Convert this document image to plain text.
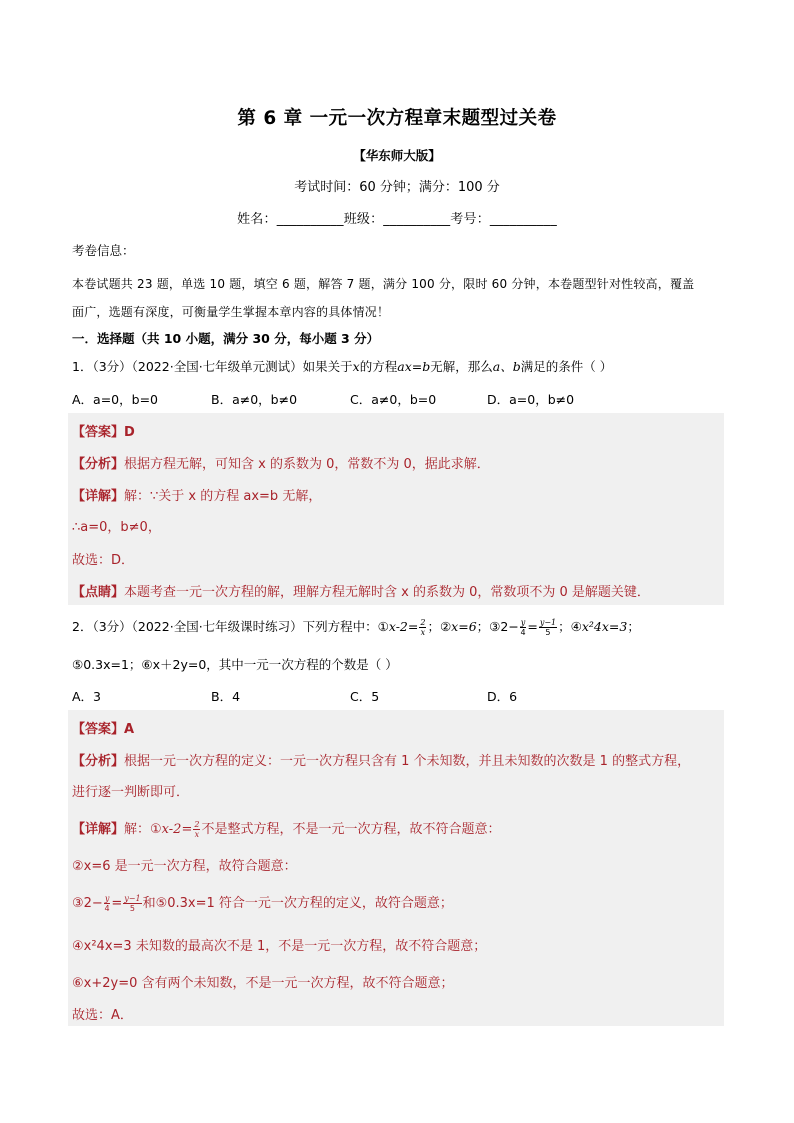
第 6 章 一元一次方程章末题型过关卷
【华东师大版】
考试时间：60 分钟；满分：100 分
姓名：__________班级：__________考号：__________
考卷信息：
本卷试题共 23 题，单选 10 题，填空 6 题，解答 7 题，满分 100 分，限时 60 分钟，本卷题型针对性较高，覆盖
面广，选题有深度，可衡量学生掌握本章内容的具体情况！
一．选择题（共 10 小题，满分 30 分，每小题 3 分）
1．（3分）（2022·全国·七年级单元测试）如果关于x的方程ax=b无解，那么a、b满足的条件（ ）
A．a=0，b=0	B．a≠0，b≠0	C．a≠0，b=0	D．a=0，b≠0
【答案】D
【分析】根据方程无解，可知含 x 的系数为 0，常数不为 0，据此求解．
【详解】解：∵关于 x 的方程 ax=b 无解，
∴a=0，b≠0，
故选：D．
【点睛】本题考查一元一次方程的解，理解方程无解时含 x 的系数为 0，常数项不为 0 是解题关键．
2．（3分）（2022·全国·七年级课时练习）下列方程中：①x-2= $\frac{2}{x}$ ；②x=6；③2− $\frac{y}{4} = \frac{y-1}{5}$ ；④x²4x=3；
⑤0.3x=1；⑥x＋2y=0，其中一元一次方程的个数是（ ）
A．3	B．4	C．5	D．6
【答案】A
【分析】根据一元一次方程的定义：一元一次方程只含有 1 个未知数，并且未知数的次数是 1 的整式方程，
进行逐一判断即可．
【详解】解：①x-2= $\frac{2}{x}$ 不是整式方程，不是一元一次方程，故不符合题意：
②x=6 是一元一次方程，故符合题意：
③2− $\frac{y}{4} = \frac{y-1}{5}$ 和⑤0.3x=1 符合一元一次方程的定义，故符合题意；
④x²4x=3 未知数的最高次不是 1，不是一元一次方程，故不符合题意；
⑥x+2y=0 含有两个未知数，不是一元一次方程，故不符合题意；
故选：A．
